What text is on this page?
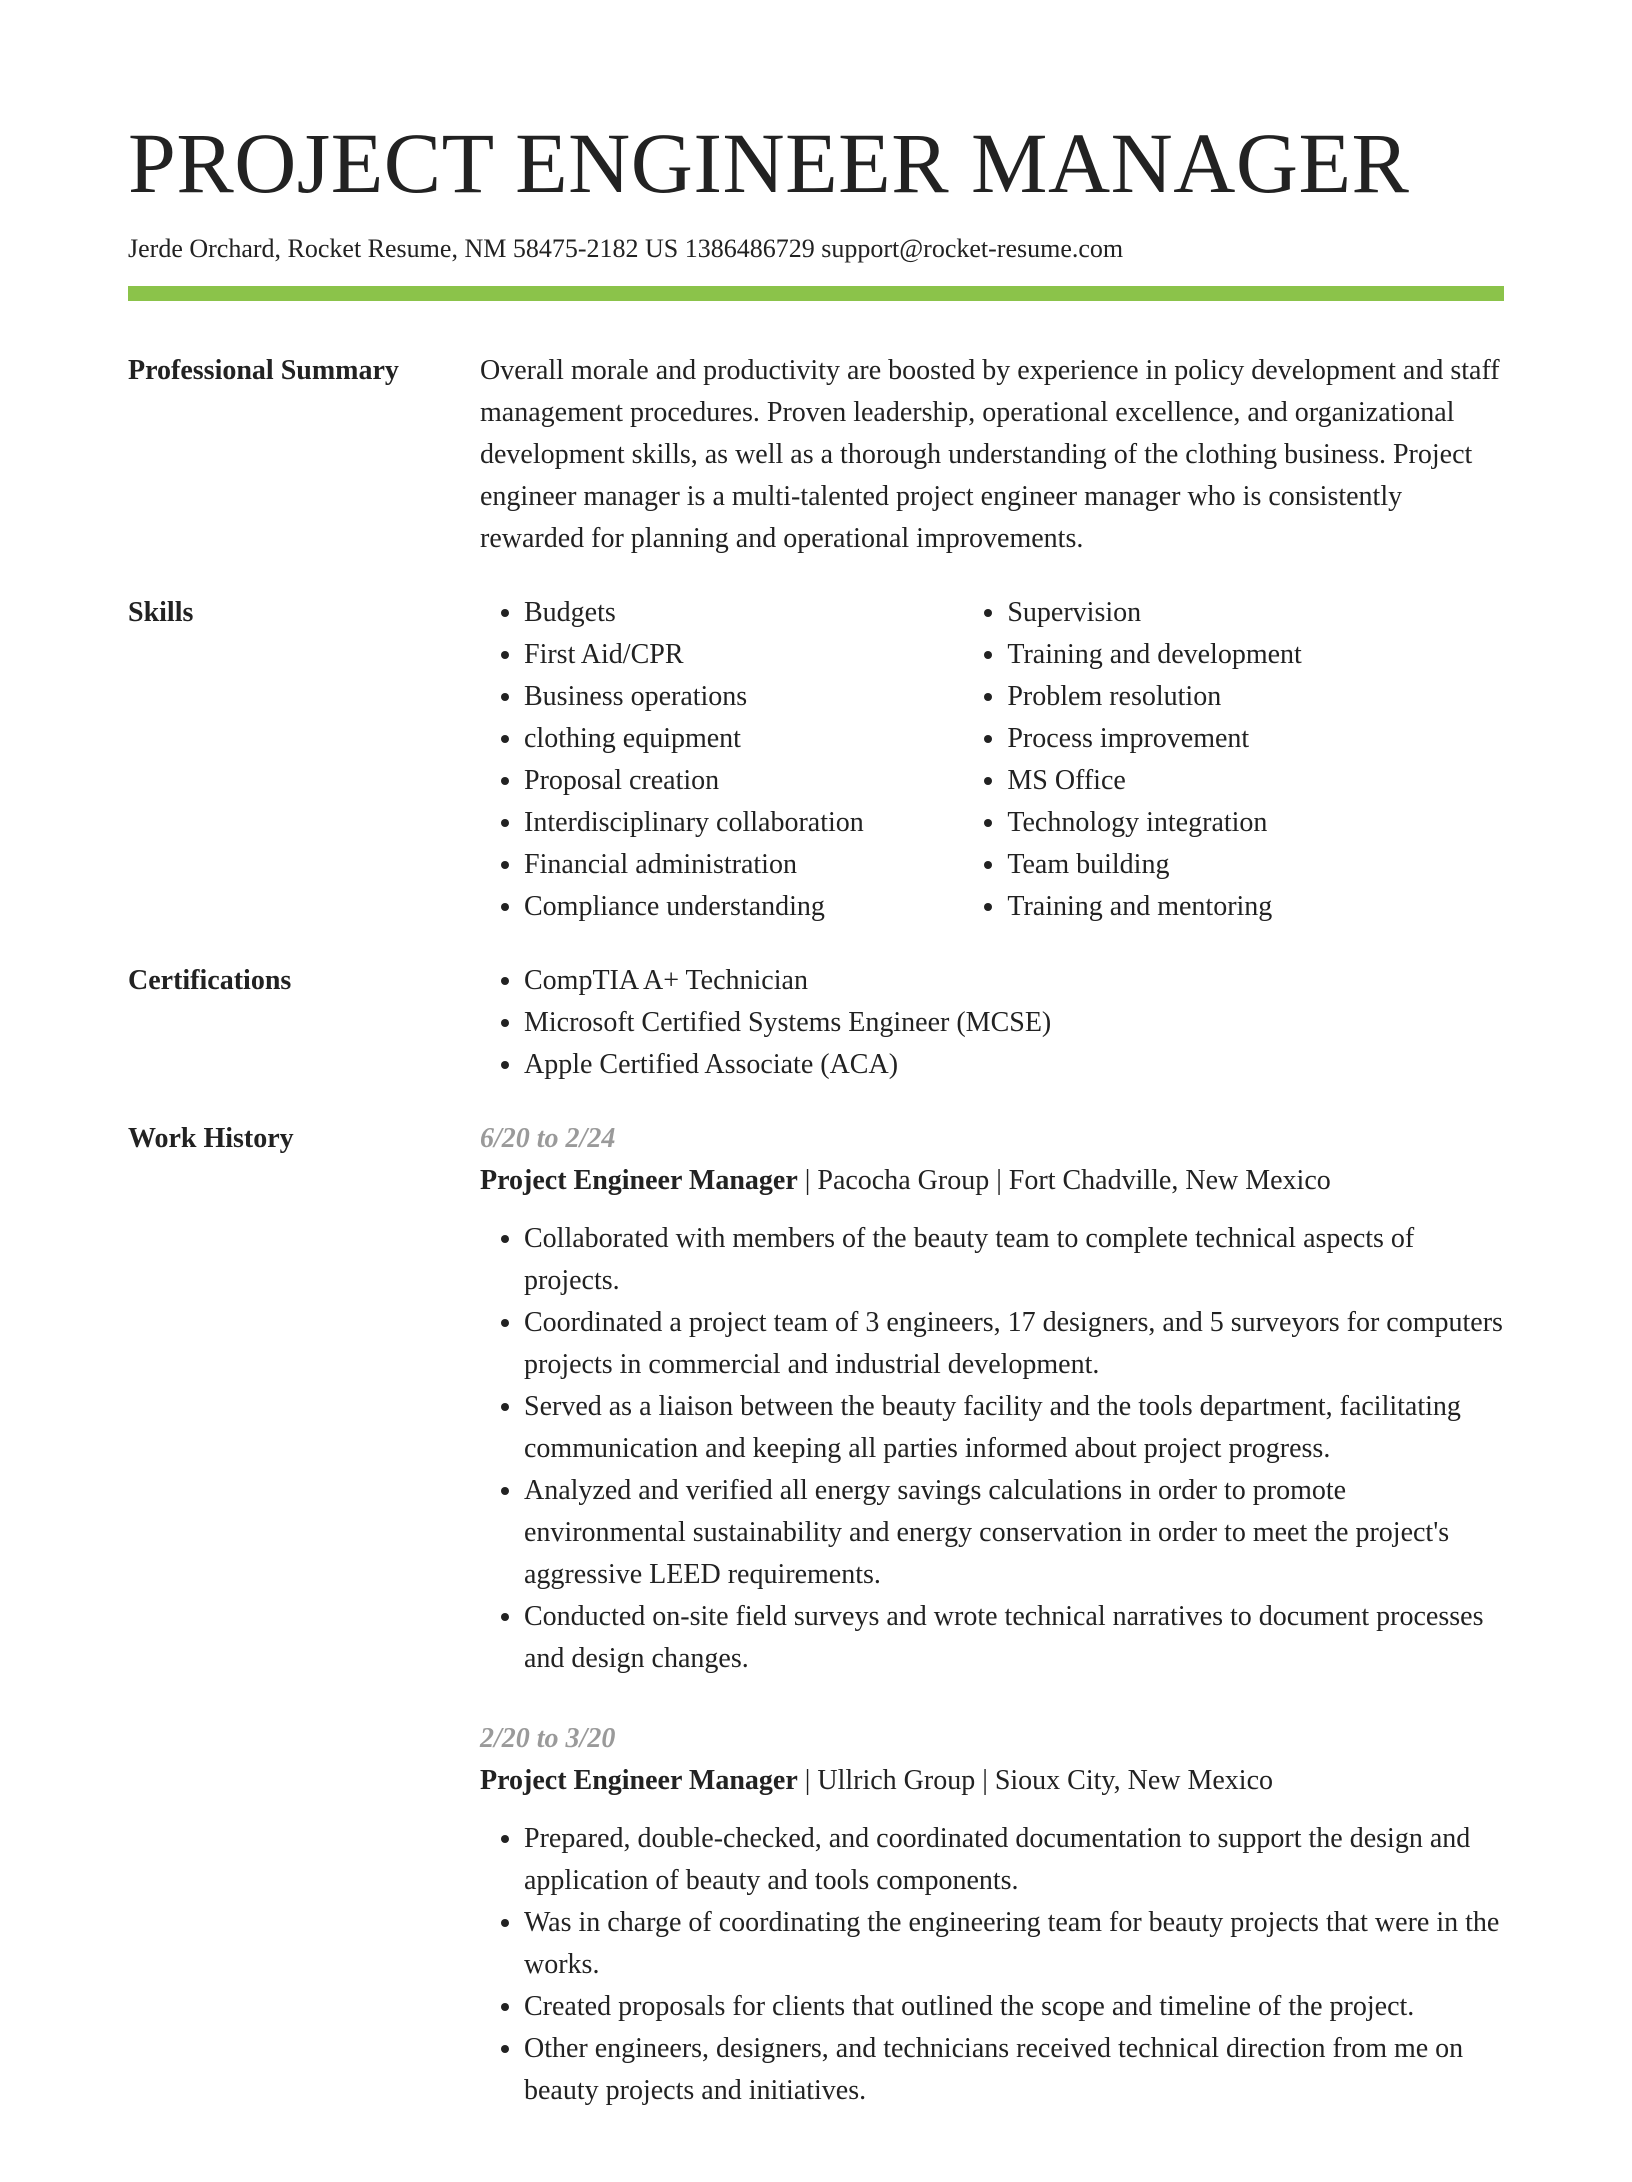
PROJECT ENGINEER MANAGER
Jerde Orchard, Rocket Resume, NM 58475-2182 US 1386486729 support@rocket-resume.com
Professional Summary	Overall morale and productivity are boosted by experience in policy development and staff management procedures. Proven leadership, operational excellence, and organizational development skills, as well as a thorough understanding of the clothing business. Project engineer manager is a multi-talented project engineer manager who is consistently rewarded for planning and operational improvements.

Skills	• Budgets
• First Aid/CPR
• Business operations
• clothing equipment
• Proposal creation
• Interdisciplinary collaboration
• Financial administration
• Compliance understanding
• Supervision
• Training and development
• Problem resolution
• Process improvement
• MS Office
• Technology integration
• Team building
• Training and mentoring
Certifications	• CompTIA A+ Technician
• Microsoft Certified Systems Engineer (MCSE)
• Apple Certified Associate (ACA)
Work History	6/20 to 2/24
Project Engineer Manager | Pacocha Group | Fort Chadville, New Mexico
• Collaborated with members of the beauty team to complete technical aspects of projects.
• Coordinated a project team of 3 engineers, 17 designers, and 5 surveyors for computers projects in commercial and industrial development.
• Served as a liaison between the beauty facility and the tools department, facilitating communication and keeping all parties informed about project progress.
• Analyzed and verified all energy savings calculations in order to promote environmental sustainability and energy conservation in order to meet the project's aggressive LEED requirements.
• Conducted on-site field surveys and wrote technical narratives to document processes and design changes.
2/20 to 3/20
Project Engineer Manager | Ullrich Group | Sioux City, New Mexico
• Prepared, double-checked, and coordinated documentation to support the design and application of beauty and tools components.
• Was in charge of coordinating the engineering team for beauty projects that were in the works.
• Created proposals for clients that outlined the scope and timeline of the project.
• Other engineers, designers, and technicians received technical direction from me on beauty projects and initiatives.
